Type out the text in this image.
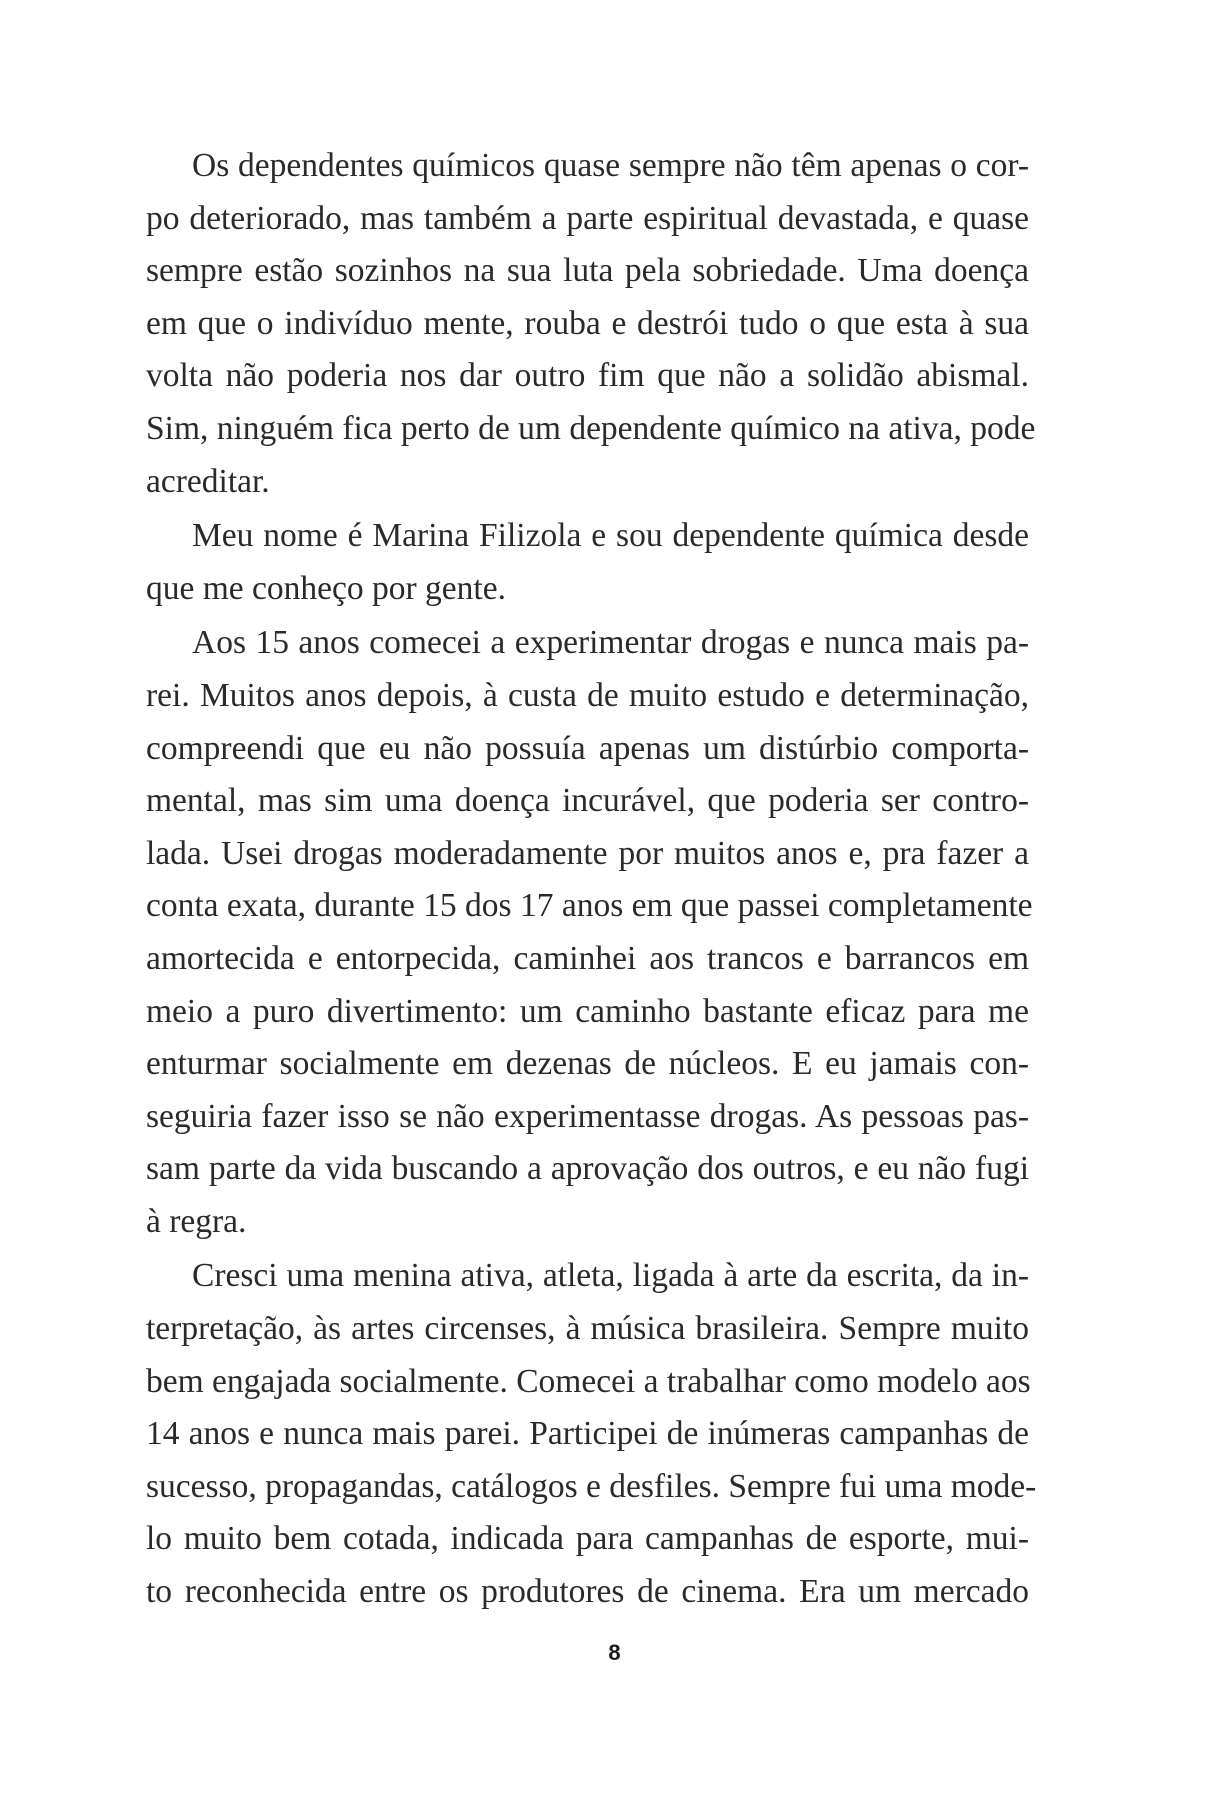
Os dependentes químicos quase sempre não têm apenas o cor-
po deteriorado, mas também a parte espiritual devastada, e quase
sempre estão sozinhos na sua luta pela sobriedade. Uma doença
em que o indivíduo mente, rouba e destrói tudo o que esta à sua
volta não poderia nos dar outro fim que não a solidão abismal.
Sim, ninguém fica perto de um dependente químico na ativa, pode
acreditar.

Meu nome é Marina Filizola e sou dependente química desde
que me conheço por gente.

Aos 15 anos comecei a experimentar drogas e nunca mais pa-
rei. Muitos anos depois, à custa de muito estudo e determinação,
compreendi que eu não possuía apenas um distúrbio comporta-
mental, mas sim uma doença incurável, que poderia ser contro-
lada. Usei drogas moderadamente por muitos anos e, pra fazer a
conta exata, durante 15 dos 17 anos em que passei completamente
amortecida e entorpecida, caminhei aos trancos e barrancos em
meio a puro divertimento: um caminho bastante eficaz para me
enturmar socialmente em dezenas de núcleos. E eu jamais con-
seguiria fazer isso se não experimentasse drogas. As pessoas pas-
sam parte da vida buscando a aprovação dos outros, e eu não fugi
à regra.

Cresci uma menina ativa, atleta, ligada à arte da escrita, da in-
terpretação, às artes circenses, à música brasileira. Sempre muito
bem engajada socialmente. Comecei a trabalhar como modelo aos
14 anos e nunca mais parei. Participei de inúmeras campanhas de
sucesso, propagandas, catálogos e desfiles. Sempre fui uma mode-
lo muito bem cotada, indicada para campanhas de esporte, mui-
to reconhecida entre os produtores de cinema. Era um mercado

8
